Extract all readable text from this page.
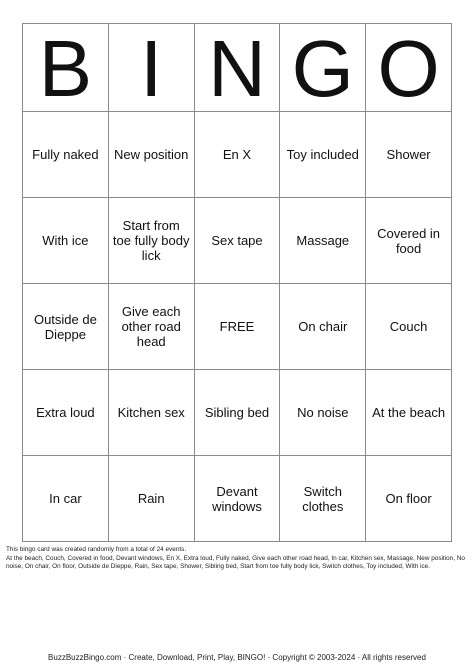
B	I	N	G	O
Fully naked	New position	En X	Toy included	Shower
With ice	Start from toe fully body lick	Sex tape	Massage	Covered in food
Outside de Dieppe	Give each other road head	FREE	On chair	Couch
Extra loud	Kitchen sex	Sibling bed	No noise	At the beach
In car	Rain	Devant windows	Switch clothes	On floor

This bingo card was created randomly from a total of 24 events.

At the beach, Couch, Covered in food, Devant windows, En X, Extra loud, Fully naked, Give each other road head, In car, Kitchen sex, Massage, New position, No noise, On chair, On floor, Outside de Dieppe, Rain, Sex tape, Shower, Sibling bed, Start from toe fully body lick, Switch clothes, Toy included, With ice.

BuzzBuzzBingo.com · Create, Download, Print, Play, BINGO! · Copyright © 2003-2024 · All rights reserved
